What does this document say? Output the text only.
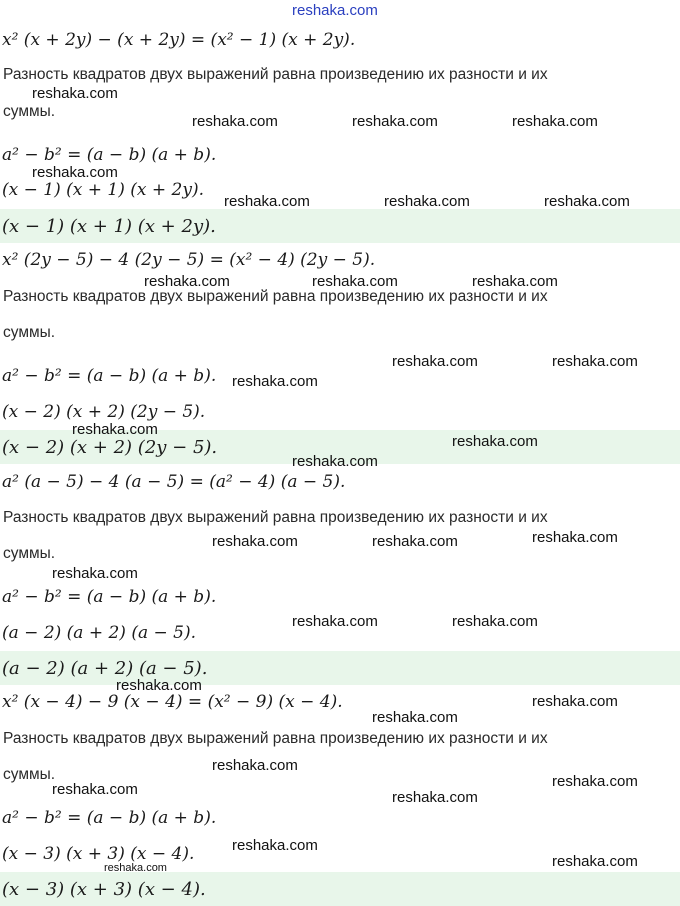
x² (x + 2y) − (x + 2y) = (x² − 1) (x + 2y).
Разность квадратов двух выражений равна произведению их разности и их
суммы.
a² − b² = (a − b) (a + b).
(x − 1) (x + 1) (x + 2y).
(x − 1) (x + 1) (x + 2y).
x² (2y − 5) − 4 (2y − 5) = (x² − 4) (2y − 5).
Разность квадратов двух выражений равна произведению их разности и их
суммы.
a² − b² = (a − b) (a + b).
(x − 2) (x + 2) (2y − 5).
(x − 2) (x + 2) (2y − 5).
a² (a − 5) − 4 (a − 5) = (a² − 4) (a − 5).
Разность квадратов двух выражений равна произведению их разности и их
суммы.
a² − b² = (a − b) (a + b).
(a − 2) (a + 2) (a − 5).
(a − 2) (a + 2) (a − 5).
x² (x − 4) − 9 (x − 4) = (x² − 9) (x − 4).
Разность квадратов двух выражений равна произведению их разности и их
суммы.
a² − b² = (a − b) (a + b).
(x − 3) (x + 3) (x − 4).
(x − 3) (x + 3) (x − 4).
reshaka.com
reshaka.com
reshaka.com	reshaka.com	reshaka.com
reshaka.com
reshaka.com	reshaka.com	reshaka.com
reshaka.com	reshaka.com	reshaka.com
reshaka.com	reshaka.com
reshaka.com
reshaka.com
reshaka.com
reshaka.com
reshaka.com	reshaka.com	reshaka.com
reshaka.com
reshaka.com	reshaka.com
reshaka.com
reshaka.com
reshaka.com
reshaka.com
reshaka.com
reshaka.com	reshaka.com
reshaka.com
reshaka.com
reshaka.com
